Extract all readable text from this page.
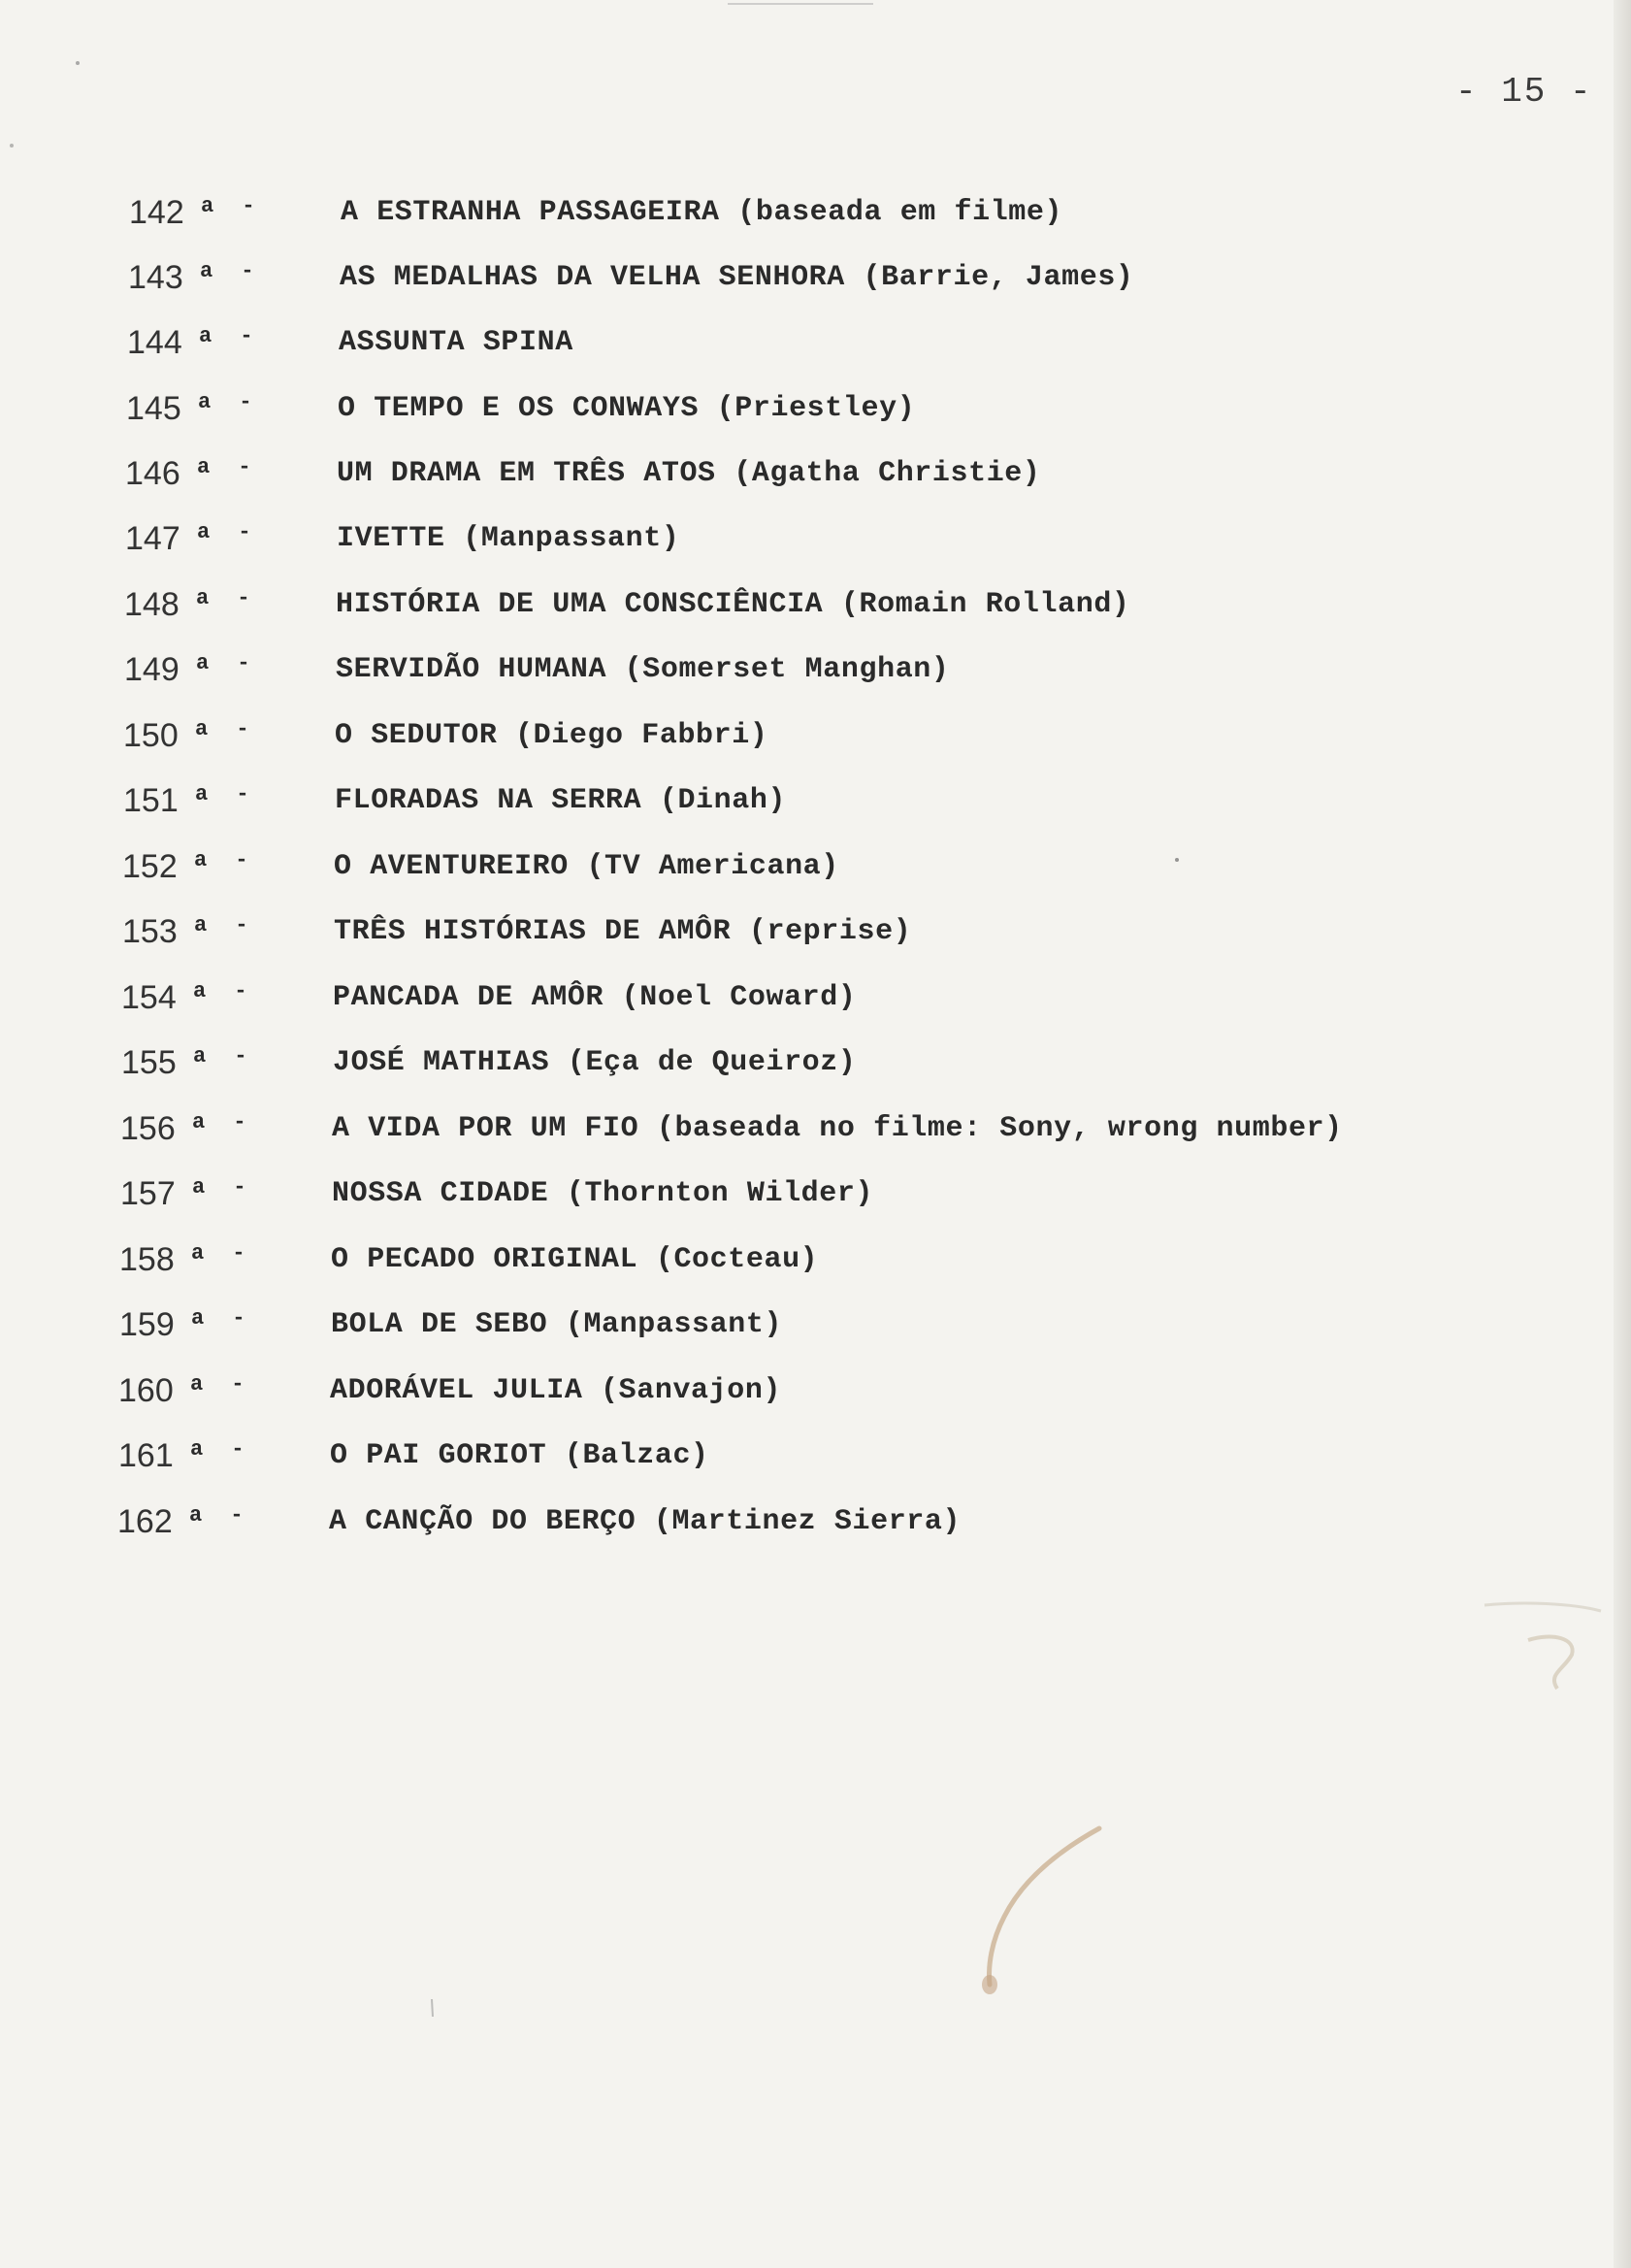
- 15 -
142 a -	A ESTRANHA PASSAGEIRA (baseada em filme)
143 a -	AS MEDALHAS DA VELHA SENHORA (Barrie, James)
144 a -	ASSUNTA SPINA
145 a -	O TEMPO E OS CONWAYS (Priestley)
146 a -	UM DRAMA EM TRÊS ATOS (Agatha Christie)
147 a -	IVETTE (Manpassant)
148 a -	HISTÓRIA DE UMA CONSCIÊNCIA (Romain Rolland)
149 a -	SERVIDÃO HUMANA (Somerset Manghan)
150 a -	O SEDUTOR (Diego Fabbri)
151 a -	FLORADAS NA SERRA (Dinah)
152 a -	O AVENTUREIRO (TV Americana)
153 a -	TRÊS HISTÓRIAS DE AMÔR (reprise)
154 a -	PANCADA DE AMÔR (Noel Coward)
155 a -	JOSÉ MATHIAS (Eça de Queiroz)
156 a -	A VIDA POR UM FIO (baseada no filme: Sony, wrong number)
157 a -	NOSSA CIDADE (Thornton Wilder)
158 a -	O PECADO ORIGINAL (Cocteau)
159 a -	BOLA DE SEBO (Manpassant)
160 a -	ADORÁVEL JULIA (Sanvajon)
161 a -	O PAI GORIOT (Balzac)
162 a -	A CANÇÃO DO BERÇO (Martinez Sierra)
